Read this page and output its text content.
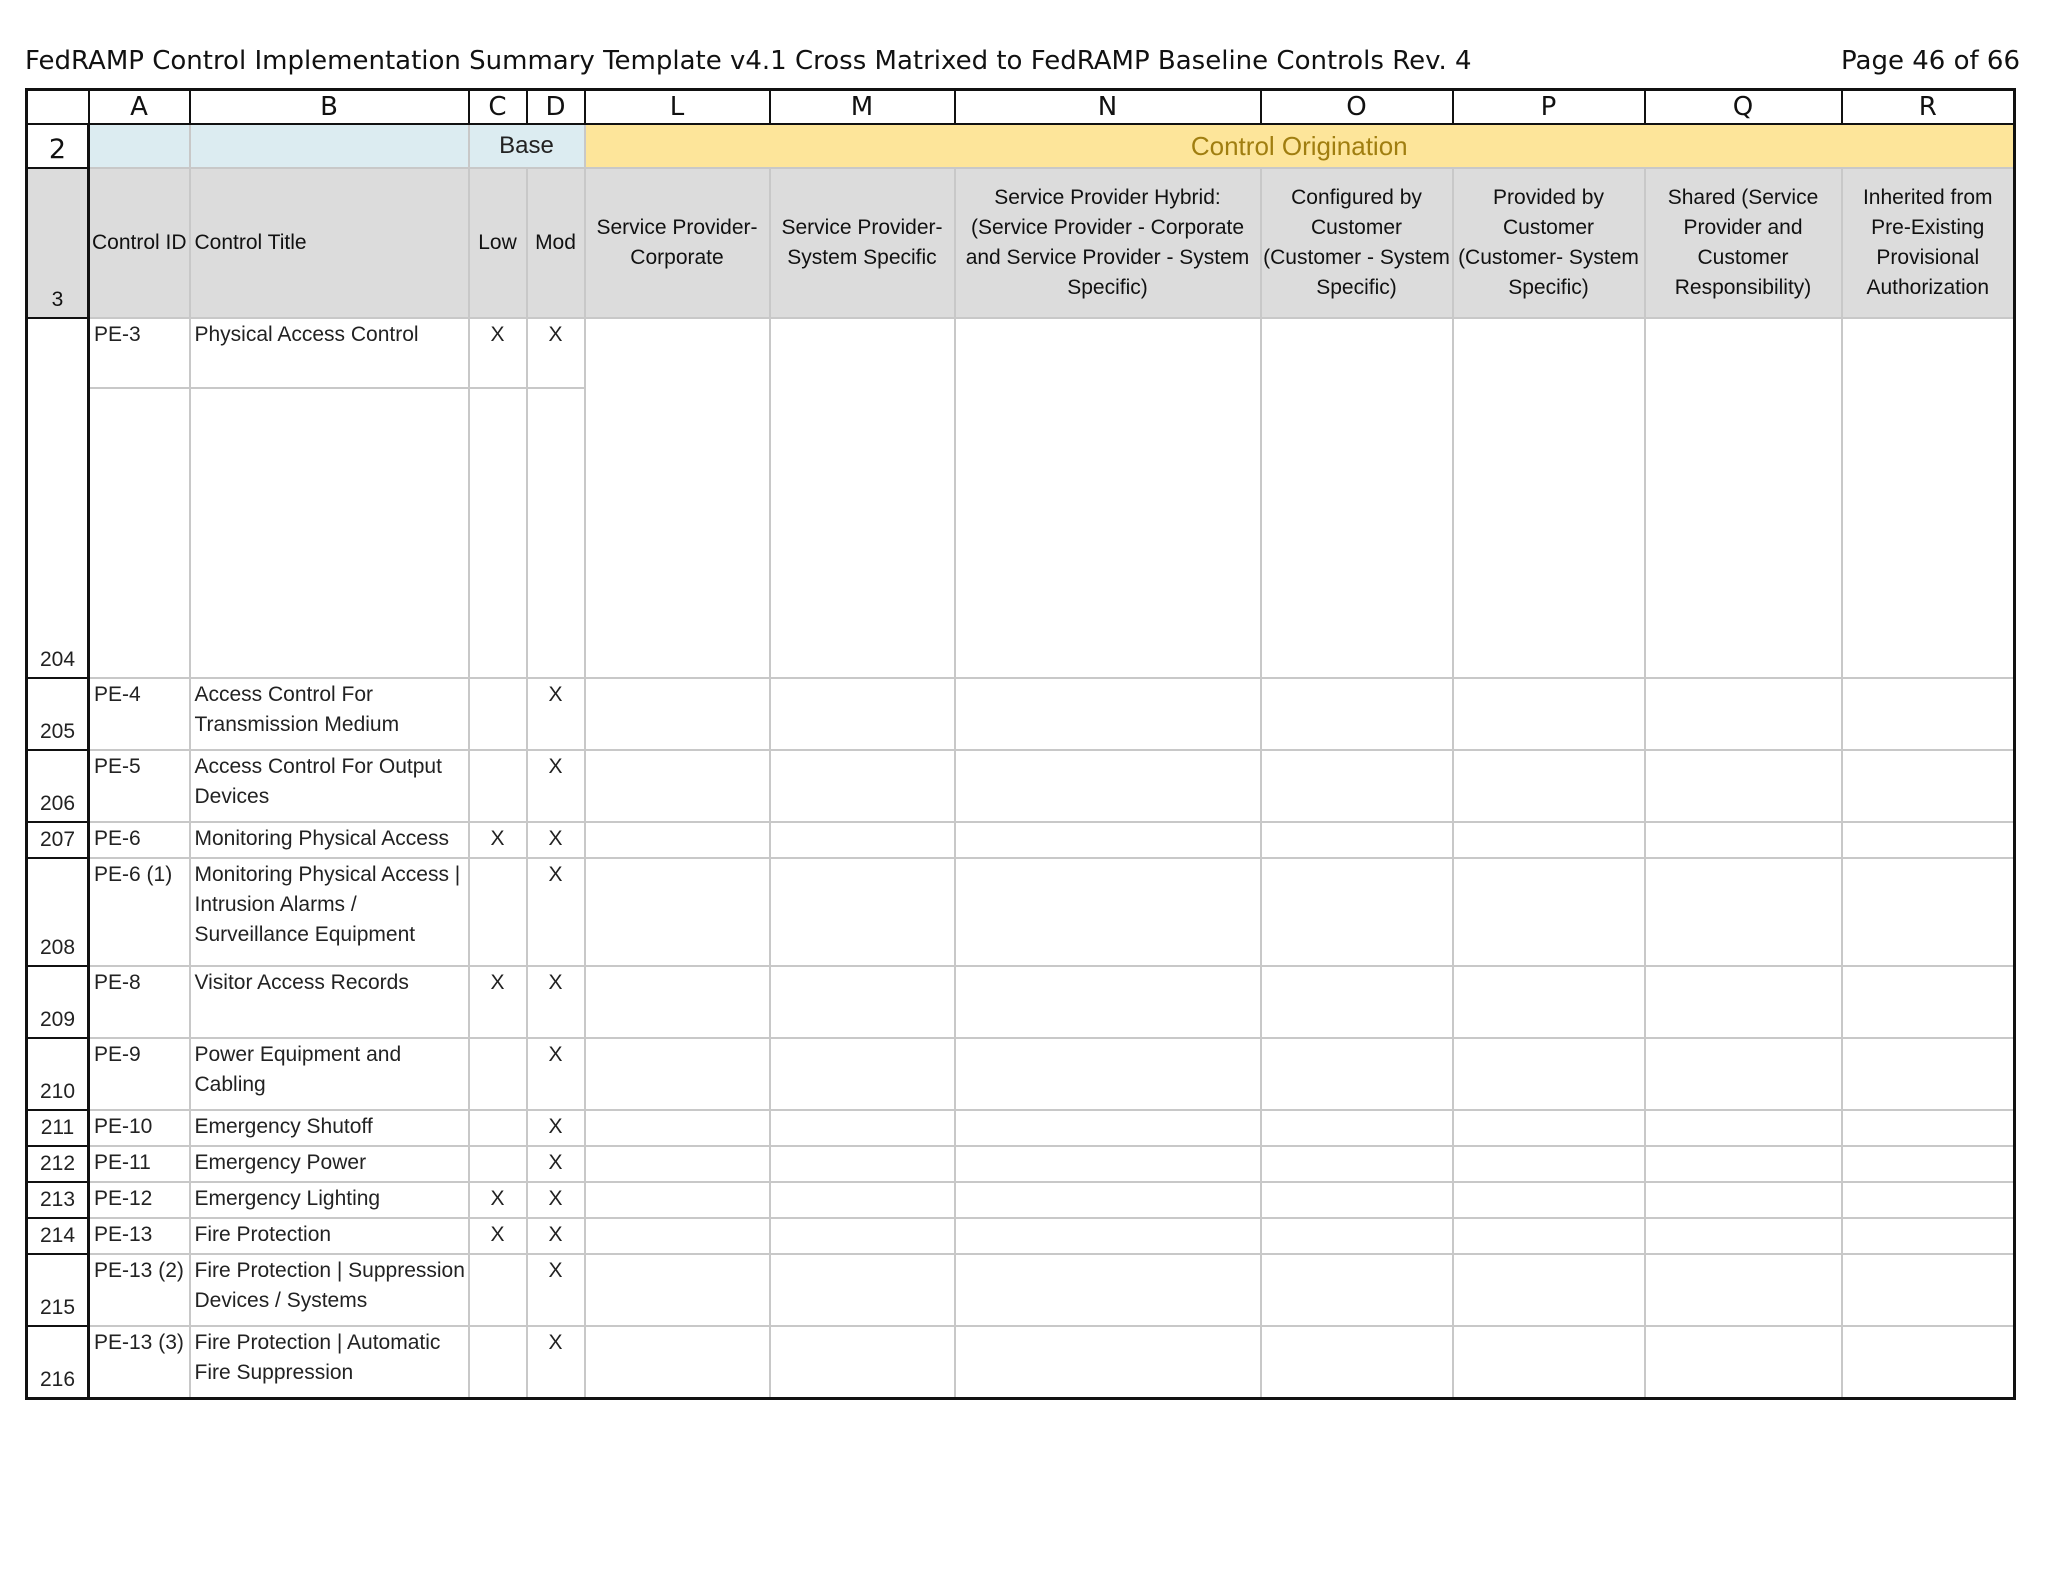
FedRAMP Control Implementation Summary Template v4.1 Cross Matrixed to FedRAMP Baseline Controls Rev. 4	Page 46 of 66
	A	B	C	D	L	M	N	O	P	Q	R
2			Base		Control Origination						
3	Control ID	Control Title	Low	Mod	Service Provider-Corporate	Service Provider-System Specific	Service Provider Hybrid: (Service Provider - Corporate and Service Provider - System Specific)	Configured by Customer (Customer - System Specific)	Provided by Customer (Customer- System Specific)	Shared (Service Provider and Customer Responsibility)	Inherited from Pre-Existing Provisional Authorization
204	PE-3	Physical Access Control	X	X

205	PE-4	Access Control For Transmission Medium		X							
206	PE-5	Access Control For Output Devices		X							
207	PE-6	Monitoring Physical Access	X	X							
208	PE-6 (1)	Monitoring Physical Access | Intrusion Alarms / Surveillance Equipment		X							
209	PE-8	Visitor Access Records	X	X							
210	PE-9	Power Equipment and Cabling		X							
211	PE-10	Emergency Shutoff		X							
212	PE-11	Emergency Power		X							
213	PE-12	Emergency Lighting	X	X							
214	PE-13	Fire Protection	X	X							
215	PE-13 (2)	Fire Protection | Suppression Devices / Systems		X							
216	PE-13 (3)	Fire Protection | Automatic Fire Suppression		X							
